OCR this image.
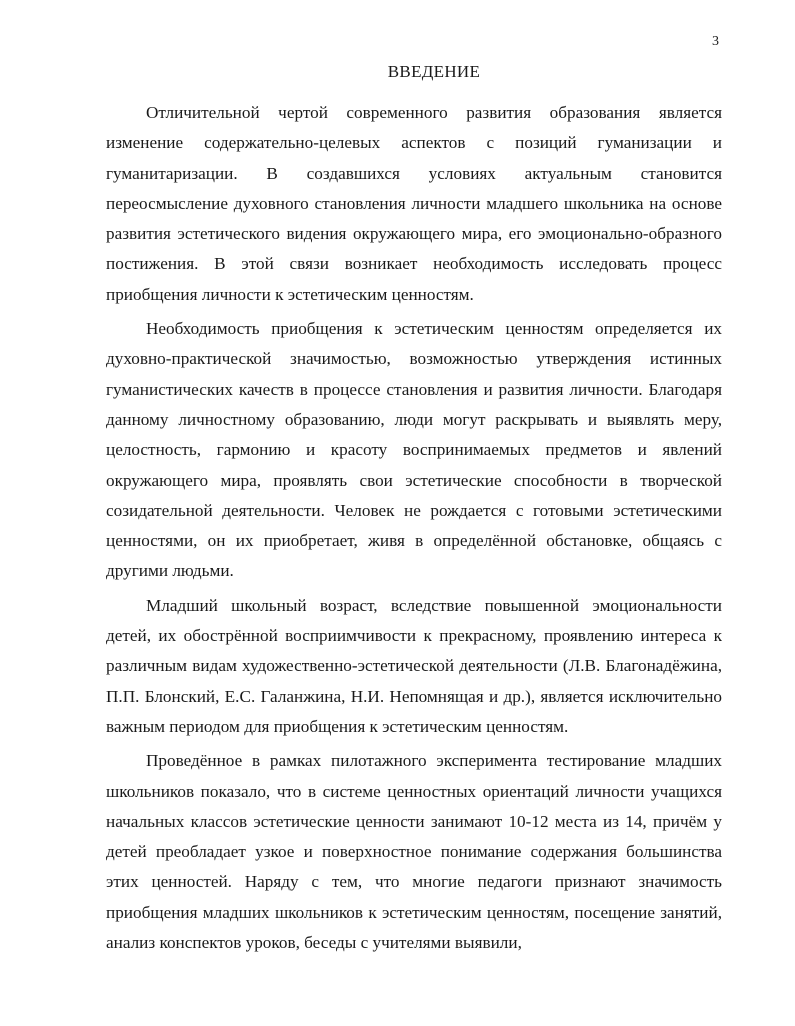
3
ВВЕДЕНИЕ

Отличительной чертой современного развития образования является изменение содержательно-целевых аспектов с позиций гуманизации и гуманитаризации. В создавшихся условиях актуальным становится переосмысление духовного становления личности младшего школьника на основе развития эстетического видения окружающего мира, его эмоционально-образного постижения. В этой связи возникает необходимость исследовать процесс приобщения личности к эстетическим ценностям.

Необходимость приобщения к эстетическим ценностям определяется их духовно-практической значимостью, возможностью утверждения истинных гуманистических качеств в процессе становления и развития личности. Благодаря данному личностному образованию, люди могут раскрывать и выявлять меру, целостность, гармонию и красоту воспринимаемых предметов и явлений окружающего мира, проявлять свои эстетические способности в творческой созидательной деятельности. Человек не рождается с готовыми эстетическими ценностями, он их приобретает, живя в определённой обстановке, общаясь с другими людьми.

Младший школьный возраст, вследствие повышенной эмоциональности детей, их обострённой восприимчивости к прекрасному, проявлению интереса к различным видам художественно-эстетической деятельности (Л.В. Благонадёжина, П.П. Блонский, Е.С. Галанжина, Н.И. Непомнящая и др.), является исключительно важным периодом для приобщения к эстетическим ценностям.

Проведённое в рамках пилотажного эксперимента тестирование младших школьников показало, что в системе ценностных ориентаций личности учащихся начальных классов эстетические ценности занимают 10-12 места из 14, причём у детей преобладает узкое и поверхностное понимание содержания большинства этих ценностей. Наряду с тем, что многие педагоги признают значимость приобщения младших школьников к эстетическим ценностям, посещение занятий, анализ конспектов уроков, беседы с учителями выявили,
